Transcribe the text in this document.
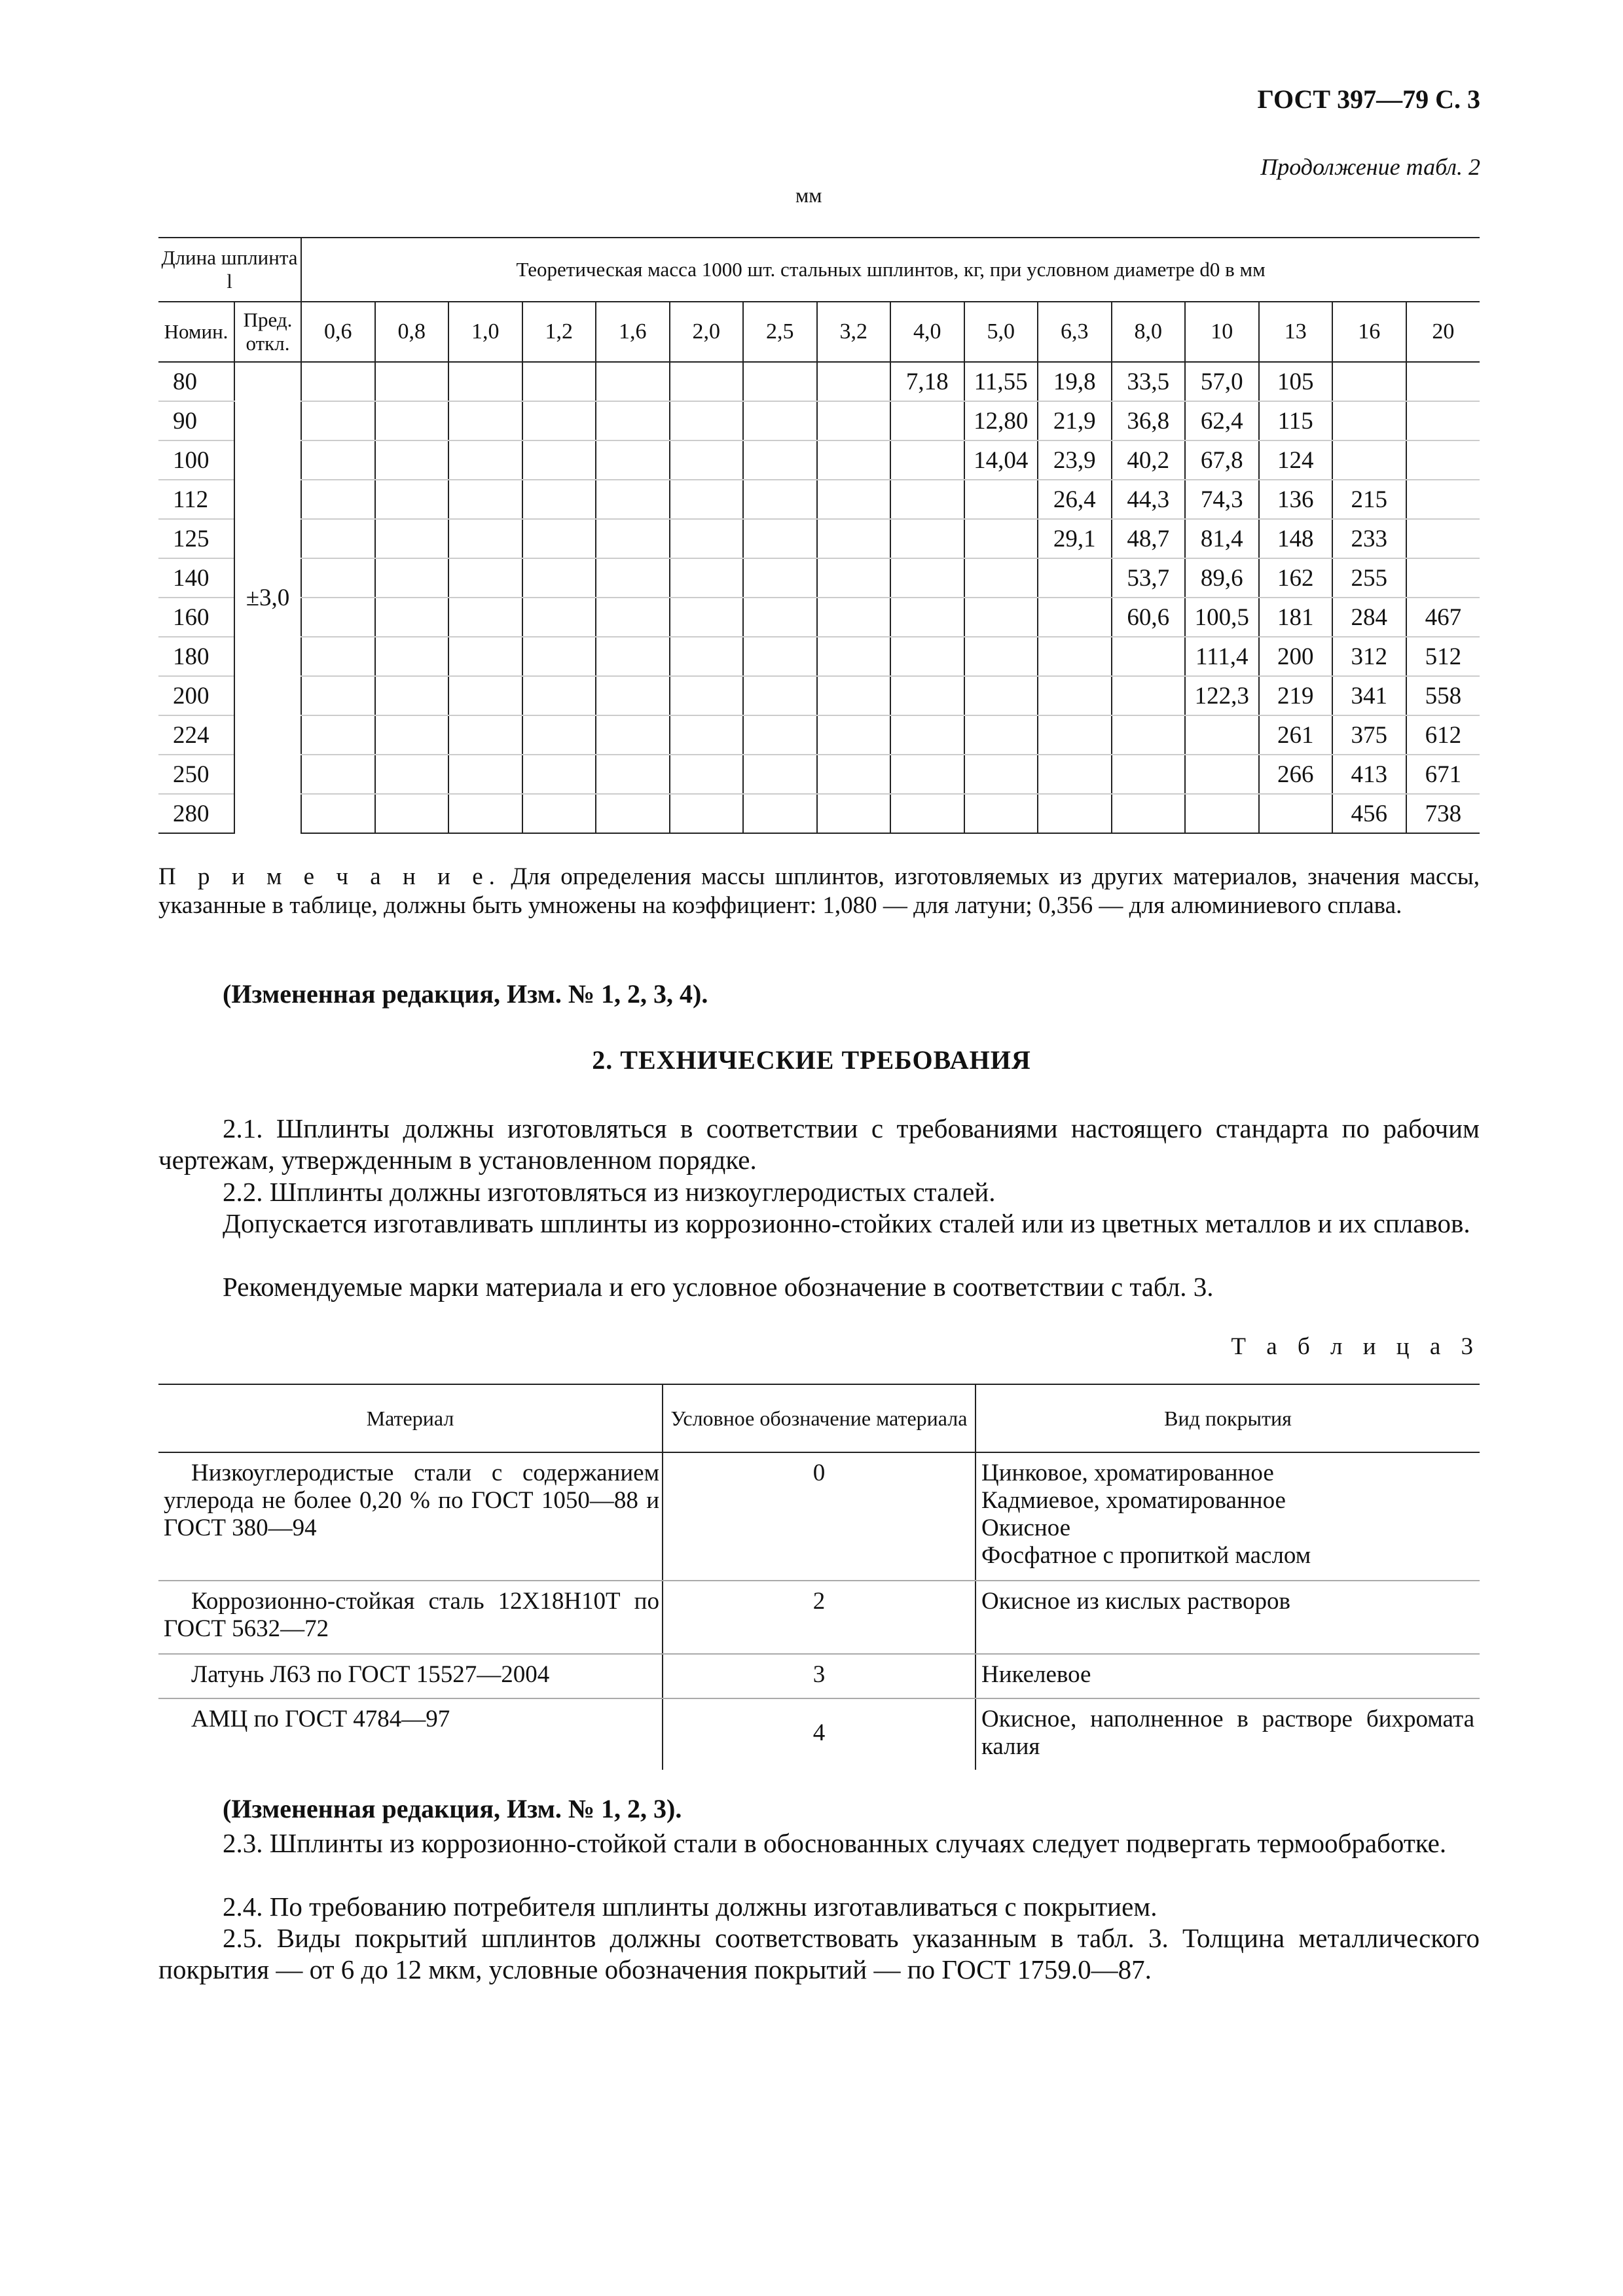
ГОСТ 397—79 С. 3
Продолжение табл. 2
мм
Длина шплинта l		Теоретическая масса 1000 шт. стальных шплинтов, кг, при условном диаметре d0 в мм															
Номин.	Пред. откл.	0,6	0,8	1,0	1,2	1,6	2,0	2,5	3,2	4,0	5,0	6,3	8,0	10	13	16	20
80	±3,0									7,18	11,55	19,8	33,5	57,0	105		
90											12,80	21,9	36,8	62,4	115		
100											14,04	23,9	40,2	67,8	124		
112												26,4	44,3	74,3	136	215	
125												29,1	48,7	81,4	148	233	
140													53,7	89,6	162	255	
160													60,6	100,5	181	284	467
180														111,4	200	312	512
200														122,3	219	341	558
224															261	375	612
250															266	413	671
280																456	738
П р и м е ч а н и е. Для определения массы шплинтов, изготовляемых из других материалов, значения массы, указанные в таблице, должны быть умножены на коэффициент: 1,080 — для латуни; 0,356 — для алюминиевого сплава.
(Измененная редакция, Изм. № 1, 2, 3, 4).
2. ТЕХНИЧЕСКИЕ ТРЕБОВАНИЯ
2.1. Шплинты должны изготовляться в соответствии с требованиями настоящего стандарта по рабочим чертежам, утвержденным в установленном порядке.
2.2. Шплинты должны изготовляться из низкоуглеродистых сталей.
Допускается изготавливать шплинты из коррозионно-стойких сталей или из цветных металлов и их сплавов.
Рекомендуемые марки материала и его условное обозначение в соответствии с табл. 3.
Т а б л и ц а 3
Материал	Условное обозначение материала	Вид покрытия
Низкоуглеродистые стали с содержанием углерода не более 0,20 % по ГОСТ 1050—88 и ГОСТ 380—94	0	Цинковое, хроматированное
Кадмиевое, хроматированное
Окисное
Фосфатное с пропиткой маслом

Коррозионно-стойкая сталь 12Х18Н10Т по ГОСТ 5632—72	2	Окисное из кислых растворов

Латунь Л63 по ГОСТ 15527—2004	3	Никелевое

АМЦ по ГОСТ 4784—97	4	Окисное, наполненное в растворе бихромата калия
(Измененная редакция, Изм. № 1, 2, 3).
2.3. Шплинты из коррозионно-стойкой стали в обоснованных случаях следует подвергать термообработке.
2.4. По требованию потребителя шплинты должны изготавливаться с покрытием.
2.5. Виды покрытий шплинтов должны соответствовать указанным в табл. 3. Толщина металлического покрытия — от 6 до 12 мкм, условные обозначения покрытий — по ГОСТ 1759.0—87.
